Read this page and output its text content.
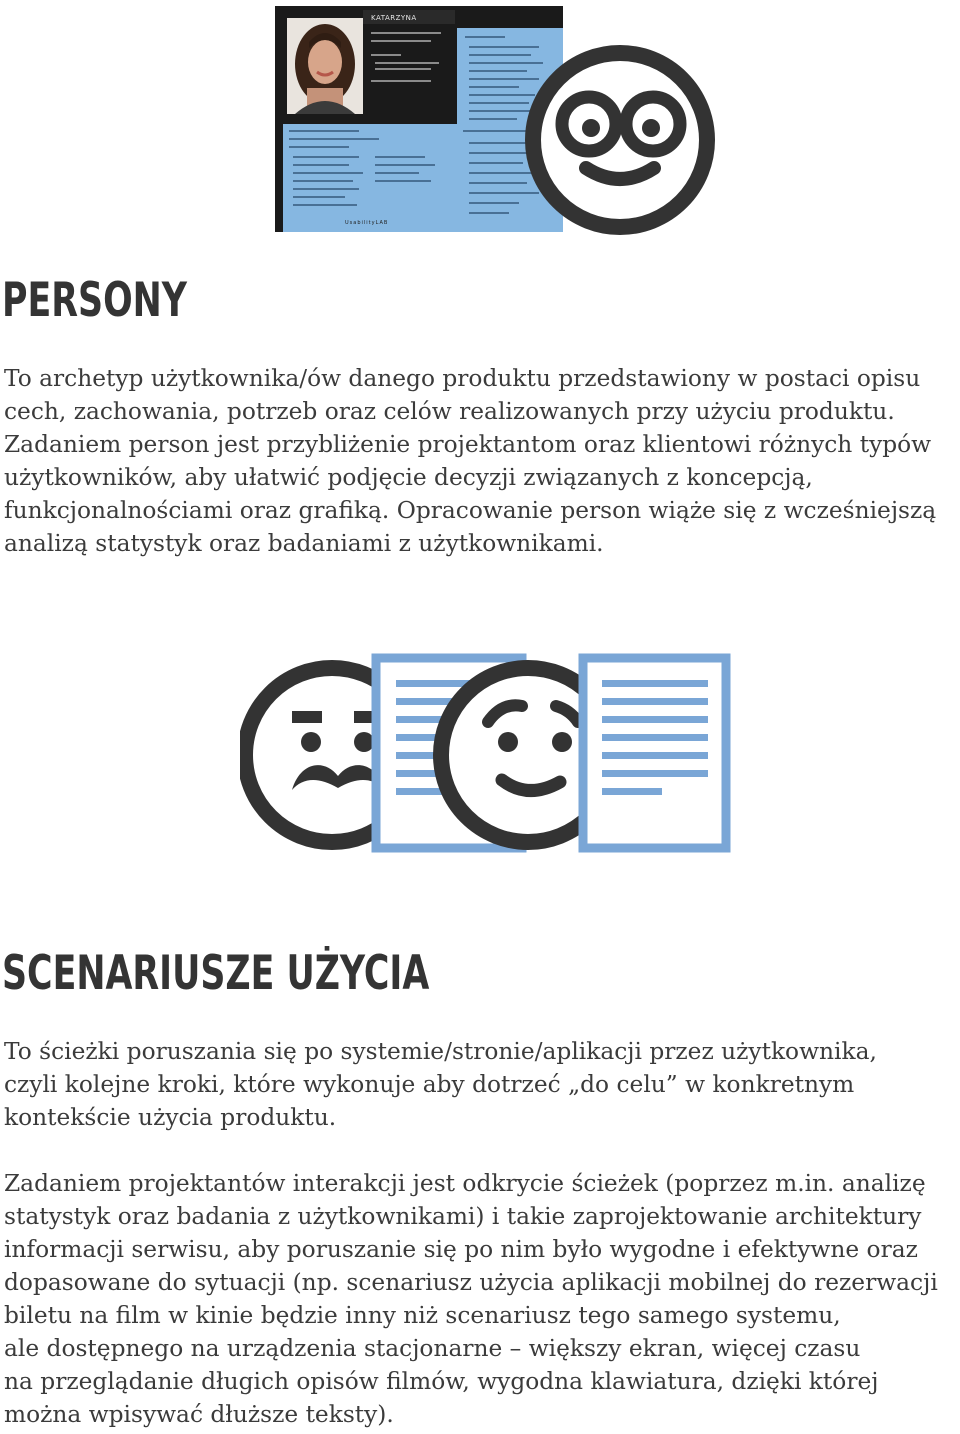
KATARZYNA
UsabilityLAB
PERSONY
To archetyp użytkownika/ów danego produktu przedstawiony w postaci opisu
cech, zachowania, potrzeb oraz celów realizowanych przy użyciu produktu.
Zadaniem person jest przybliżenie projektantom oraz klientowi różnych typów
użytkowników, aby ułatwić podjęcie decyzji związanych z koncepcją,
funkcjonalnościami oraz grafiką. Opracowanie person wiąże się z wcześniejszą
analizą statystyk oraz badaniami z użytkownikami.
SCENARIUSZE UŻYCIA
To ścieżki poruszania się po systemie/stronie/aplikacji przez użytkownika,
czyli kolejne kroki, które wykonuje aby dotrzeć „do celu” w konkretnym
kontekście użycia produktu.
Zadaniem projektantów interakcji jest odkrycie ścieżek (poprzez m.in. analizę
statystyk oraz badania z użytkownikami) i takie zaprojektowanie architektury
informacji serwisu, aby poruszanie się po nim było wygodne i efektywne oraz
dopasowane do sytuacji (np. scenariusz użycia aplikacji mobilnej do rezerwacji
biletu na film w kinie będzie inny niż scenariusz tego samego systemu,
ale dostępnego na urządzenia stacjonarne – większy ekran, więcej czasu
na przeglądanie długich opisów filmów, wygodna klawiatura, dzięki której
można wpisywać dłuższe teksty).
